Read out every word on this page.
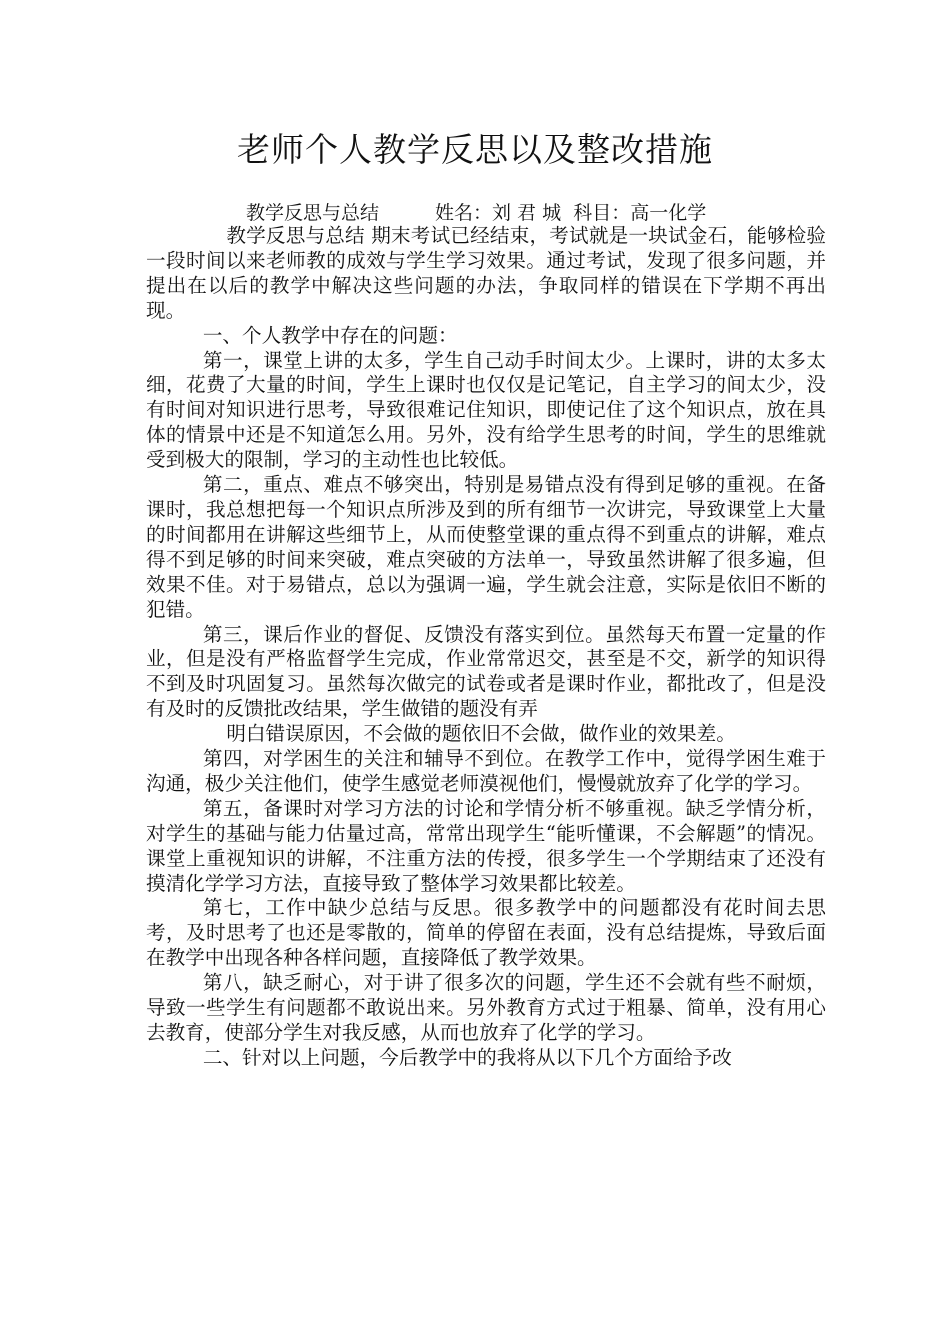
老师个人教学反思以及整改措施
教学反思与总结	姓名：刘 君 城 科目：高一化学

教学反思与总结 期末考试已经结束，考试就是一块试金石，能够检验一段时间以来老师教的成效与学生学习效果。通过考试，发现了很多问题，并提出在以后的教学中解决这些问题的办法，争取同样的错误在下学期不再出现。

一、个人教学中存在的问题：

第一，课堂上讲的太多，学生自己动手时间太少。上课时，讲的太多太细，花费了大量的时间，学生上课时也仅仅是记笔记，自主学习的间太少，没有时间对知识进行思考，导致很难记住知识，即使记住了这个知识点，放在具体的情景中还是不知道怎么用。另外，没有给学生思考的时间，学生的思维就受到极大的限制，学习的主动性也比较低。

第二，重点、难点不够突出，特别是易错点没有得到足够的重视。在备课时，我总想把每一个知识点所涉及到的所有细节一次讲完，导致课堂上大量的时间都用在讲解这些细节上，从而使整堂课的重点得不到重点的讲解，难点得不到足够的时间来突破，难点突破的方法单一，导致虽然讲解了很多遍，但效果不佳。对于易错点，总以为强调一遍，学生就会注意，实际是依旧不断的犯错。

第三，课后作业的督促、反馈没有落实到位。虽然每天布置一定量的作业，但是没有严格监督学生完成，作业常常迟交，甚至是不交，新学的知识得不到及时巩固复习。虽然每次做完的试卷或者是课时作业，都批改了，但是没有及时的反馈批改结果，学生做错的题没有弄

明白错误原因，不会做的题依旧不会做，做作业的效果差。

第四，对学困生的关注和辅导不到位。在教学工作中，觉得学困生难于沟通，极少关注他们，使学生感觉老师漠视他们，慢慢就放弃了化学的学习。

第五，备课时对学习方法的讨论和学情分析不够重视。缺乏学情分析，对学生的基础与能力估量过高，常常出现学生“能听懂课，不会解题”的情况。课堂上重视知识的讲解，不注重方法的传授，很多学生一个学期结束了还没有摸清化学学习方法，直接导致了整体学习效果都比较差。

第七，工作中缺少总结与反思。很多教学中的问题都没有花时间去思考，及时思考了也还是零散的，简单的停留在表面，没有总结提炼，导致后面在教学中出现各种各样问题，直接降低了教学效果。

第八，缺乏耐心，对于讲了很多次的问题，学生还不会就有些不耐烦，导致一些学生有问题都不敢说出来。另外教育方式过于粗暴、简单，没有用心去教育，使部分学生对我反感，从而也放弃了化学的学习。

二、针对以上问题，今后教学中的我将从以下几个方面给予改
